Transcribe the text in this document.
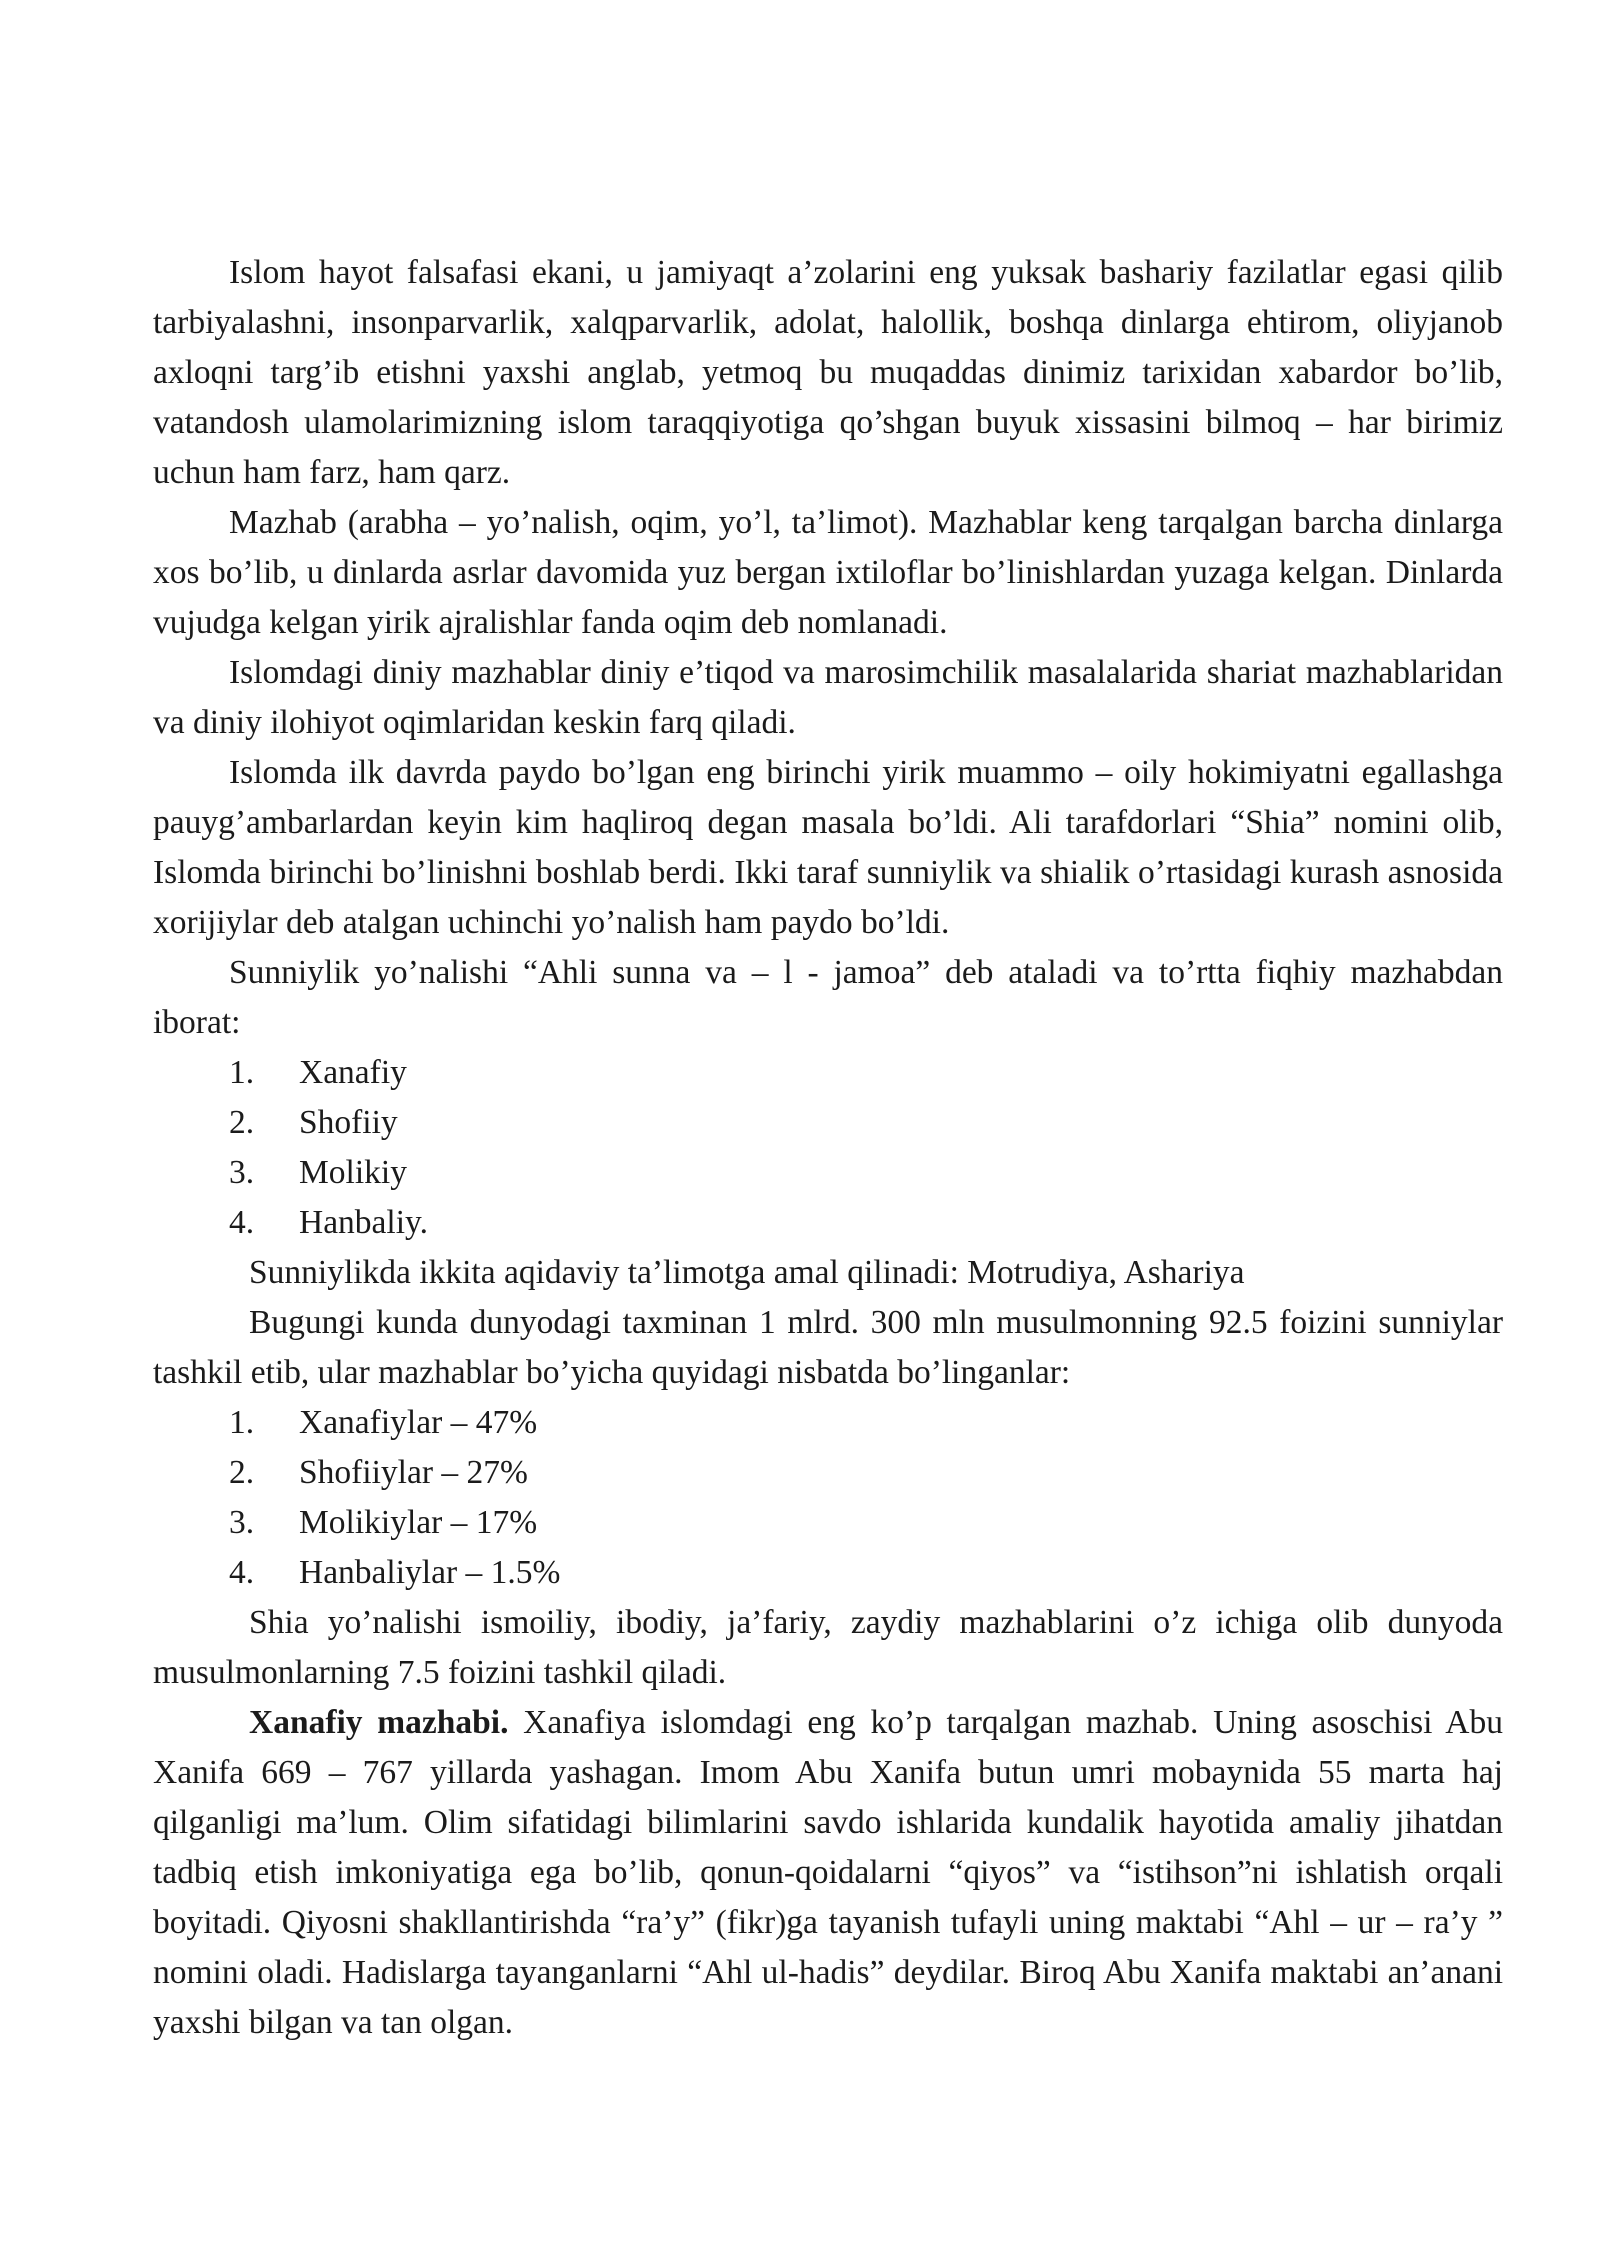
Islom hayot falsafasi ekani, u jamiyaqt a’zolarini eng yuksak bashariy fazilatlar egasi qilib tarbiyalashni, insonparvarlik, xalqparvarlik, adolat, halollik, boshqa dinlarga ehtirom, oliyjanob axloqni targ’ib etishni yaxshi anglab, yetmoq bu muqaddas dinimiz tarixidan xabardor bo’lib, vatandosh ulamolarimizning islom taraqqiyotiga qo’shgan buyuk xissasini bilmoq – har birimiz uchun ham farz, ham qarz.

Mazhab (arabha – yo’nalish, oqim, yo’l, ta’limot). Mazhablar keng tarqalgan barcha dinlarga xos bo’lib, u dinlarda asrlar davomida yuz bergan ixtiloflar bo’linishlardan yuzaga kelgan. Dinlarda vujudga kelgan yirik ajralishlar fanda oqim deb nomlanadi.

Islomdagi diniy mazhablar diniy e’tiqod va marosimchilik masalalarida shariat mazhablaridan va diniy ilohiyot oqimlaridan keskin farq qiladi.

Islomda ilk davrda paydo bo’lgan eng birinchi yirik muammo – oily hokimiyatni egallashga pauyg’ambarlardan keyin kim haqliroq degan masala bo’ldi. Ali tarafdorlari “Shia” nomini olib, Islomda birinchi bo’linishni boshlab berdi. Ikki taraf sunniylik va shialik o’rtasidagi kurash asnosida xorijiylar deb atalgan uchinchi yo’nalish ham paydo bo’ldi.

Sunniylik yo’nalishi “Ahli sunna va – l - jamoa” deb ataladi va to’rtta fiqhiy mazhabdan iborat:

1. Xanafiy

2. Shofiiy

3. Molikiy

4. Hanbaliy.

Sunniylikda ikkita aqidaviy ta’limotga amal qilinadi: Motrudiya, Ashariya

Bugungi kunda dunyodagi taxminan 1 mlrd. 300 mln musulmonning 92.5 foizini sunniylar tashkil etib, ular mazhablar bo’yicha quyidagi nisbatda bo’linganlar:

1. Xanafiylar – 47%

2. Shofiiylar – 27%

3. Molikiylar – 17%

4. Hanbaliylar – 1.5%

Shia yo’nalishi ismoiliy, ibodiy, ja’fariy, zaydiy mazhablarini o’z ichiga olib dunyoda musulmonlarning 7.5 foizini tashkil qiladi.

Xanafiy mazhabi. Xanafiya islomdagi eng ko’p tarqalgan mazhab. Uning asoschisi Abu Xanifa 669 – 767 yillarda yashagan. Imom Abu Xanifa butun umri mobaynida 55 marta haj qilganligi ma’lum. Olim sifatidagi bilimlarini savdo ishlarida kundalik hayotida amaliy jihatdan tadbiq etish imkoniyatiga ega bo’lib, qonun-qoidalarni “qiyos” va “istihson”ni ishlatish orqali boyitadi. Qiyosni shakllantirishda “ra’y” (fikr)ga tayanish tufayli uning maktabi “Ahl – ur – ra’y ” nomini oladi. Hadislarga tayanganlarni “Ahl ul-hadis” deydilar. Biroq Abu Xanifa maktabi an’anani yaxshi bilgan va tan olgan.
